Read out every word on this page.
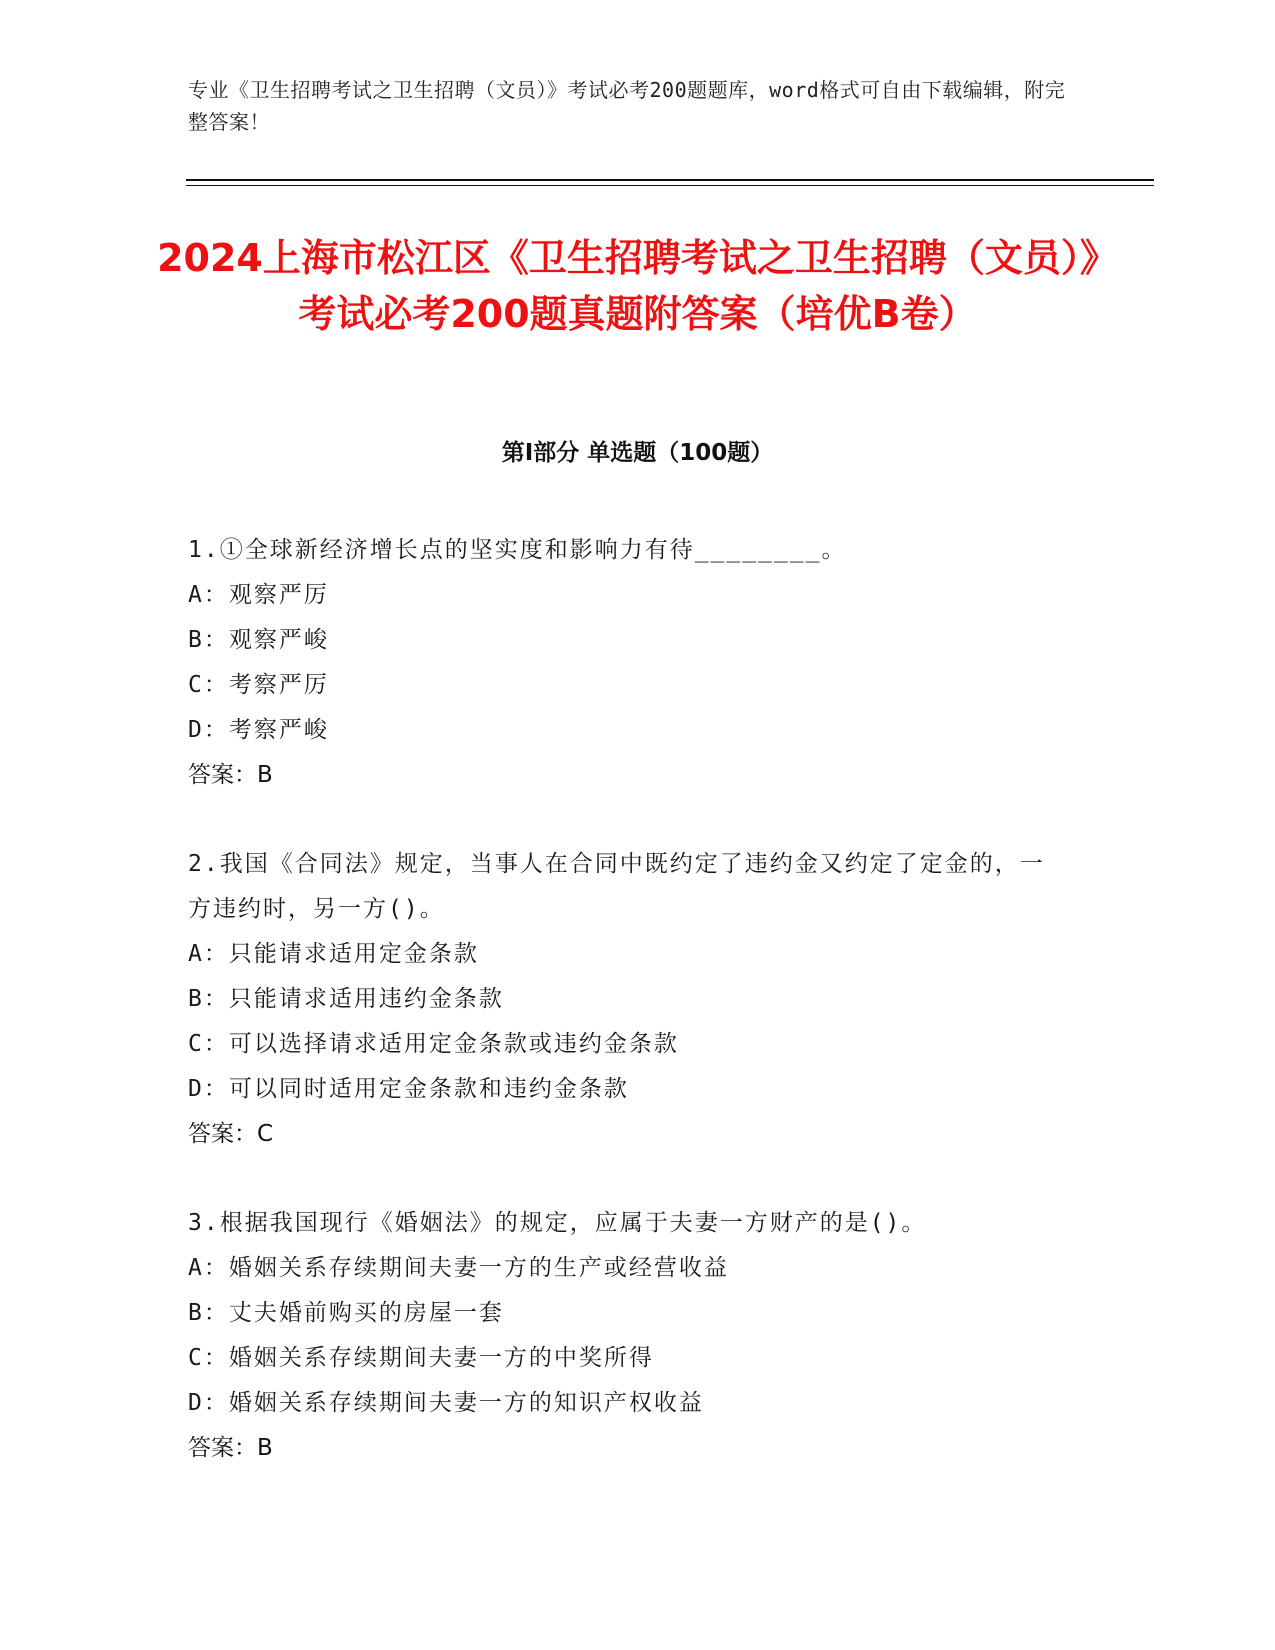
专业《卫生招聘考试之卫生招聘（文员）》考试必考200题题库，word格式可自由下载编辑，附完整答案！
2024上海市松江区《卫生招聘考试之卫生招聘（文员）》考试必考200题真题附答案（培优B卷）
第Ⅰ部分 单选题（100题）
1.①全球新经济增长点的坚实度和影响力有待________。
A：观察严厉
B：观察严峻
C：考察严厉
D：考察严峻
答案：B
2.我国《合同法》规定，当事人在合同中既约定了违约金又约定了定金的，一方违约时，另一方()。
A：只能请求适用定金条款
B：只能请求适用违约金条款
C：可以选择请求适用定金条款或违约金条款
D：可以同时适用定金条款和违约金条款
答案：C
3.根据我国现行《婚姻法》的规定，应属于夫妻一方财产的是()。
A：婚姻关系存续期间夫妻一方的生产或经营收益
B：丈夫婚前购买的房屋一套
C：婚姻关系存续期间夫妻一方的中奖所得
D：婚姻关系存续期间夫妻一方的知识产权收益
答案：B
